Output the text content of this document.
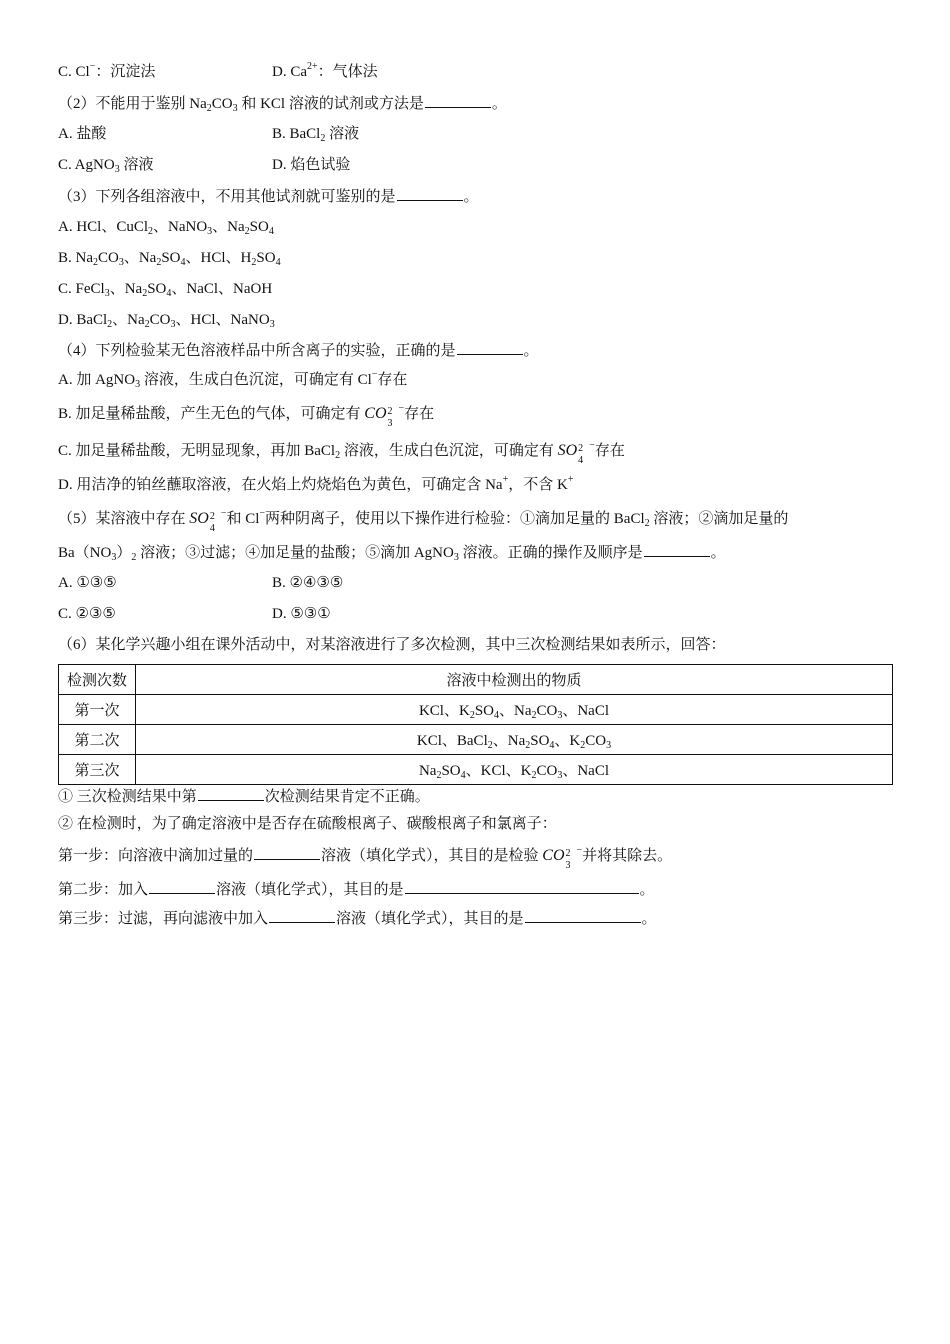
C. Cl−：沉淀法	D. $Ca^{2+}$：气体法
（2）不能用于鉴别 $Na_2CO_3$ 和 KCl 溶液的试剂或方法是	。
A. 盐酸	B. BaCl$_2$ 溶液
C. AgNO$_3$ 溶液	D. 焰色试验
（3）下列各组溶液中，不用其他试剂就可鉴别的是	。
A. HCl、CuCl$_2$、NaNO$_3$、$Na_2SO_4$
B. $Na_2CO_3$、$Na_2SO_4$、HCl、$H_2SO_4$
C. FeCl$_3$、$Na_2SO_4$、NaCl、NaOH
D. BaCl$_2$、$Na_2CO_3$、HCl、NaNO$_3$
（4）下列检验某无色溶液样品中所含离子的实验，正确的是	。
A. 加 AgNO$_3$ 溶液，生成白色沉淀，可确定有 Cl−存在
B. 加足量稀盐酸，产生无色的气体，可确定有 CO 2
3
−存在
C. 加足量稀盐酸，无明显现象，再加 BaCl$_2$ 溶液，生成白色沉淀，可确定有 SO 2
4
−存在
D. 用洁净的铂丝蘸取溶液，在火焰上灼烧焰色为黄色，可确定含 Na+，不含 K+
（5）某溶液中存在 SO 2
4
−和 Cl−两种阴离子，使用以下操作进行检验：①滴加足量的 BaCl$_2$ 溶液；②滴加足量的
$Ba(NO_3)_2$ 溶液；③过滤；④加足量的盐酸；⑤滴加 AgNO$_3$ 溶液。正确的操作及顺序是	。
A. ①③⑤	B. ②④③⑤
C. ②③⑤	D. ⑤③①
（6）某化学兴趣小组在课外活动中，对某溶液进行了多次检测，其中三次检测结果如表所示，回答：
检测次数	溶液中检测出的物质
第一次	KCl、$K_2SO_4$、$Na_2CO_3$、NaCl
第二次	KCl、BaCl$_2$、$Na_2SO_4$、$K_2CO_3$
第三次	$Na_2SO_4$、KCl、$K_2CO_3$、NaCl
① 三次检测结果中第	次检测结果肯定不正确。
② 在检测时，为了确定溶液中是否存在硫酸根离子、碳酸根离子和氯离子：
第一步：向溶液中滴加过量的	溶液（填化学式），其目的是检验 CO 2
3
−并将其除去。
第二步：加入	溶液（填化学式），其目的是	。
第三步：过滤，再向滤液中加入	溶液（填化学式），其目的是	。
